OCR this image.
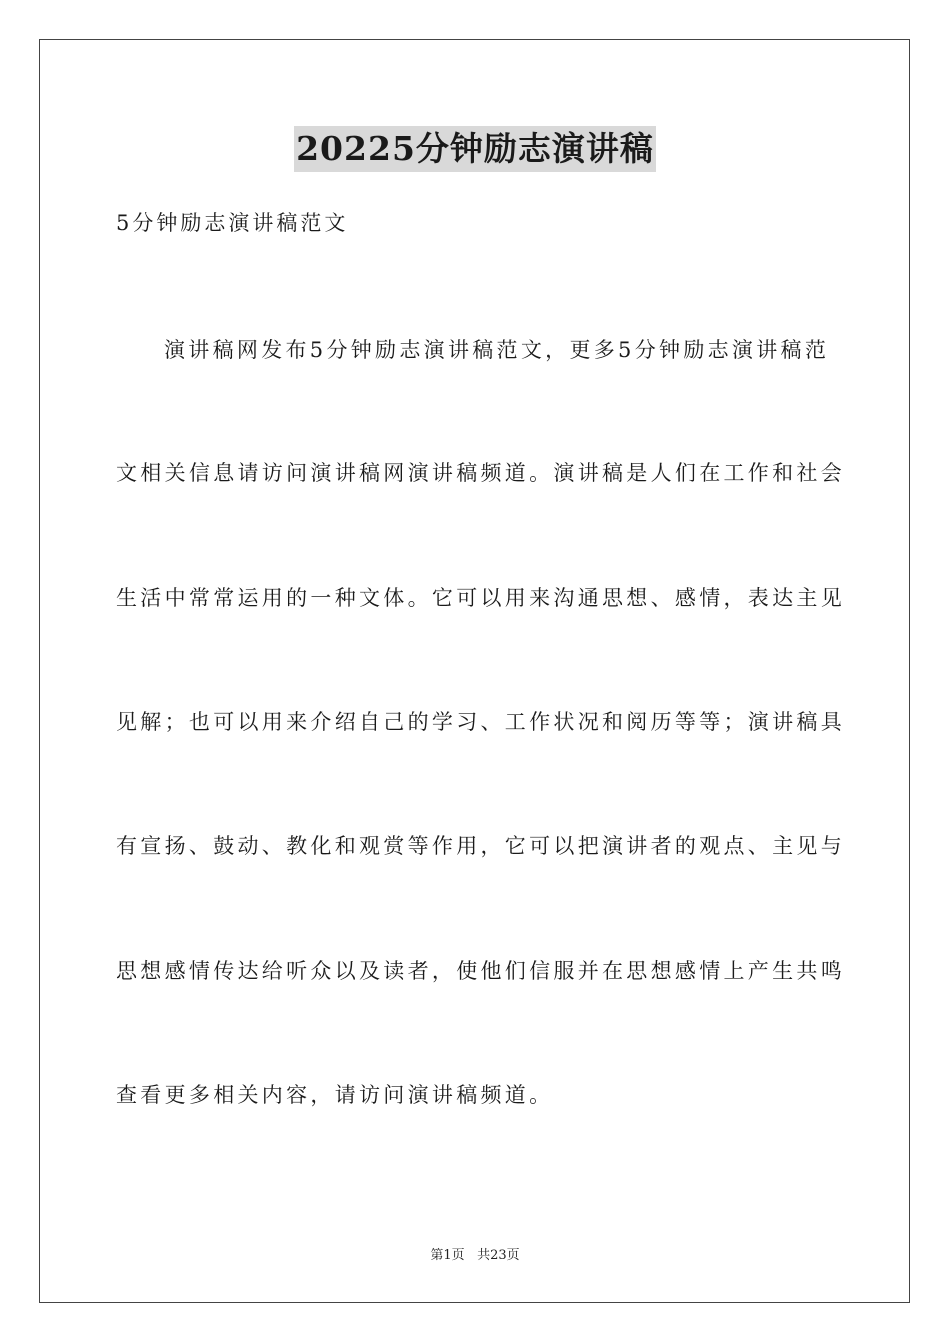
20225分钟励志演讲稿
5分钟励志演讲稿范文
演讲稿网发布5分钟励志演讲稿范文，更多5分钟励志演讲稿范
文相关信息请访问演讲稿网演讲稿频道。演讲稿是人们在工作和社会
生活中常常运用的一种文体。它可以用来沟通思想、感情，表达主见
见解；也可以用来介绍自己的学习、工作状况和阅历等等；演讲稿具
有宣扬、鼓动、教化和观赏等作用，它可以把演讲者的观点、主见与
思想感情传达给听众以及读者，使他们信服并在思想感情上产生共鸣
查看更多相关内容，请访问演讲稿频道。
第1页 共23页
